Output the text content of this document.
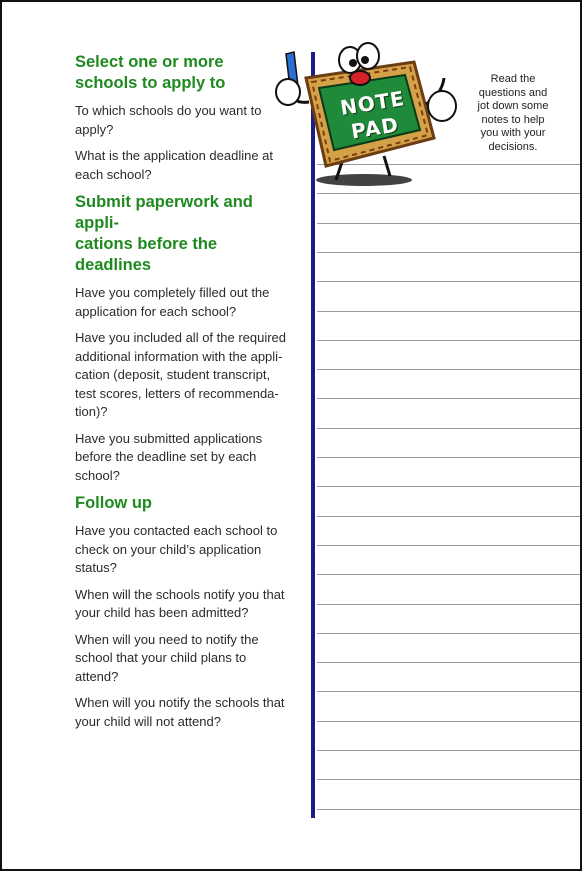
Select one or more
schools to apply to
To which schools do you want to
apply?
What is the application deadline at
each school?
Submit paperwork and appli-
cations before the deadlines
Have you completely filled out the
application for each school?
Have you included all of the required
additional information with the appli-
cation (deposit, student transcript,
test scores, letters of recommenda-
tion)?
Have you submitted applications
before the deadline set by each
school?
Follow up
Have you contacted each school to
check on your child’s application
status?
When will the schools notify you that
your child has been admitted?
When will you need to notify the
school that your child plans to
attend?
When will you notify the schools that
your child will not attend?
NOTE
PAD
Read the
questions and
jot down some
notes to help
you with your
decisions.
